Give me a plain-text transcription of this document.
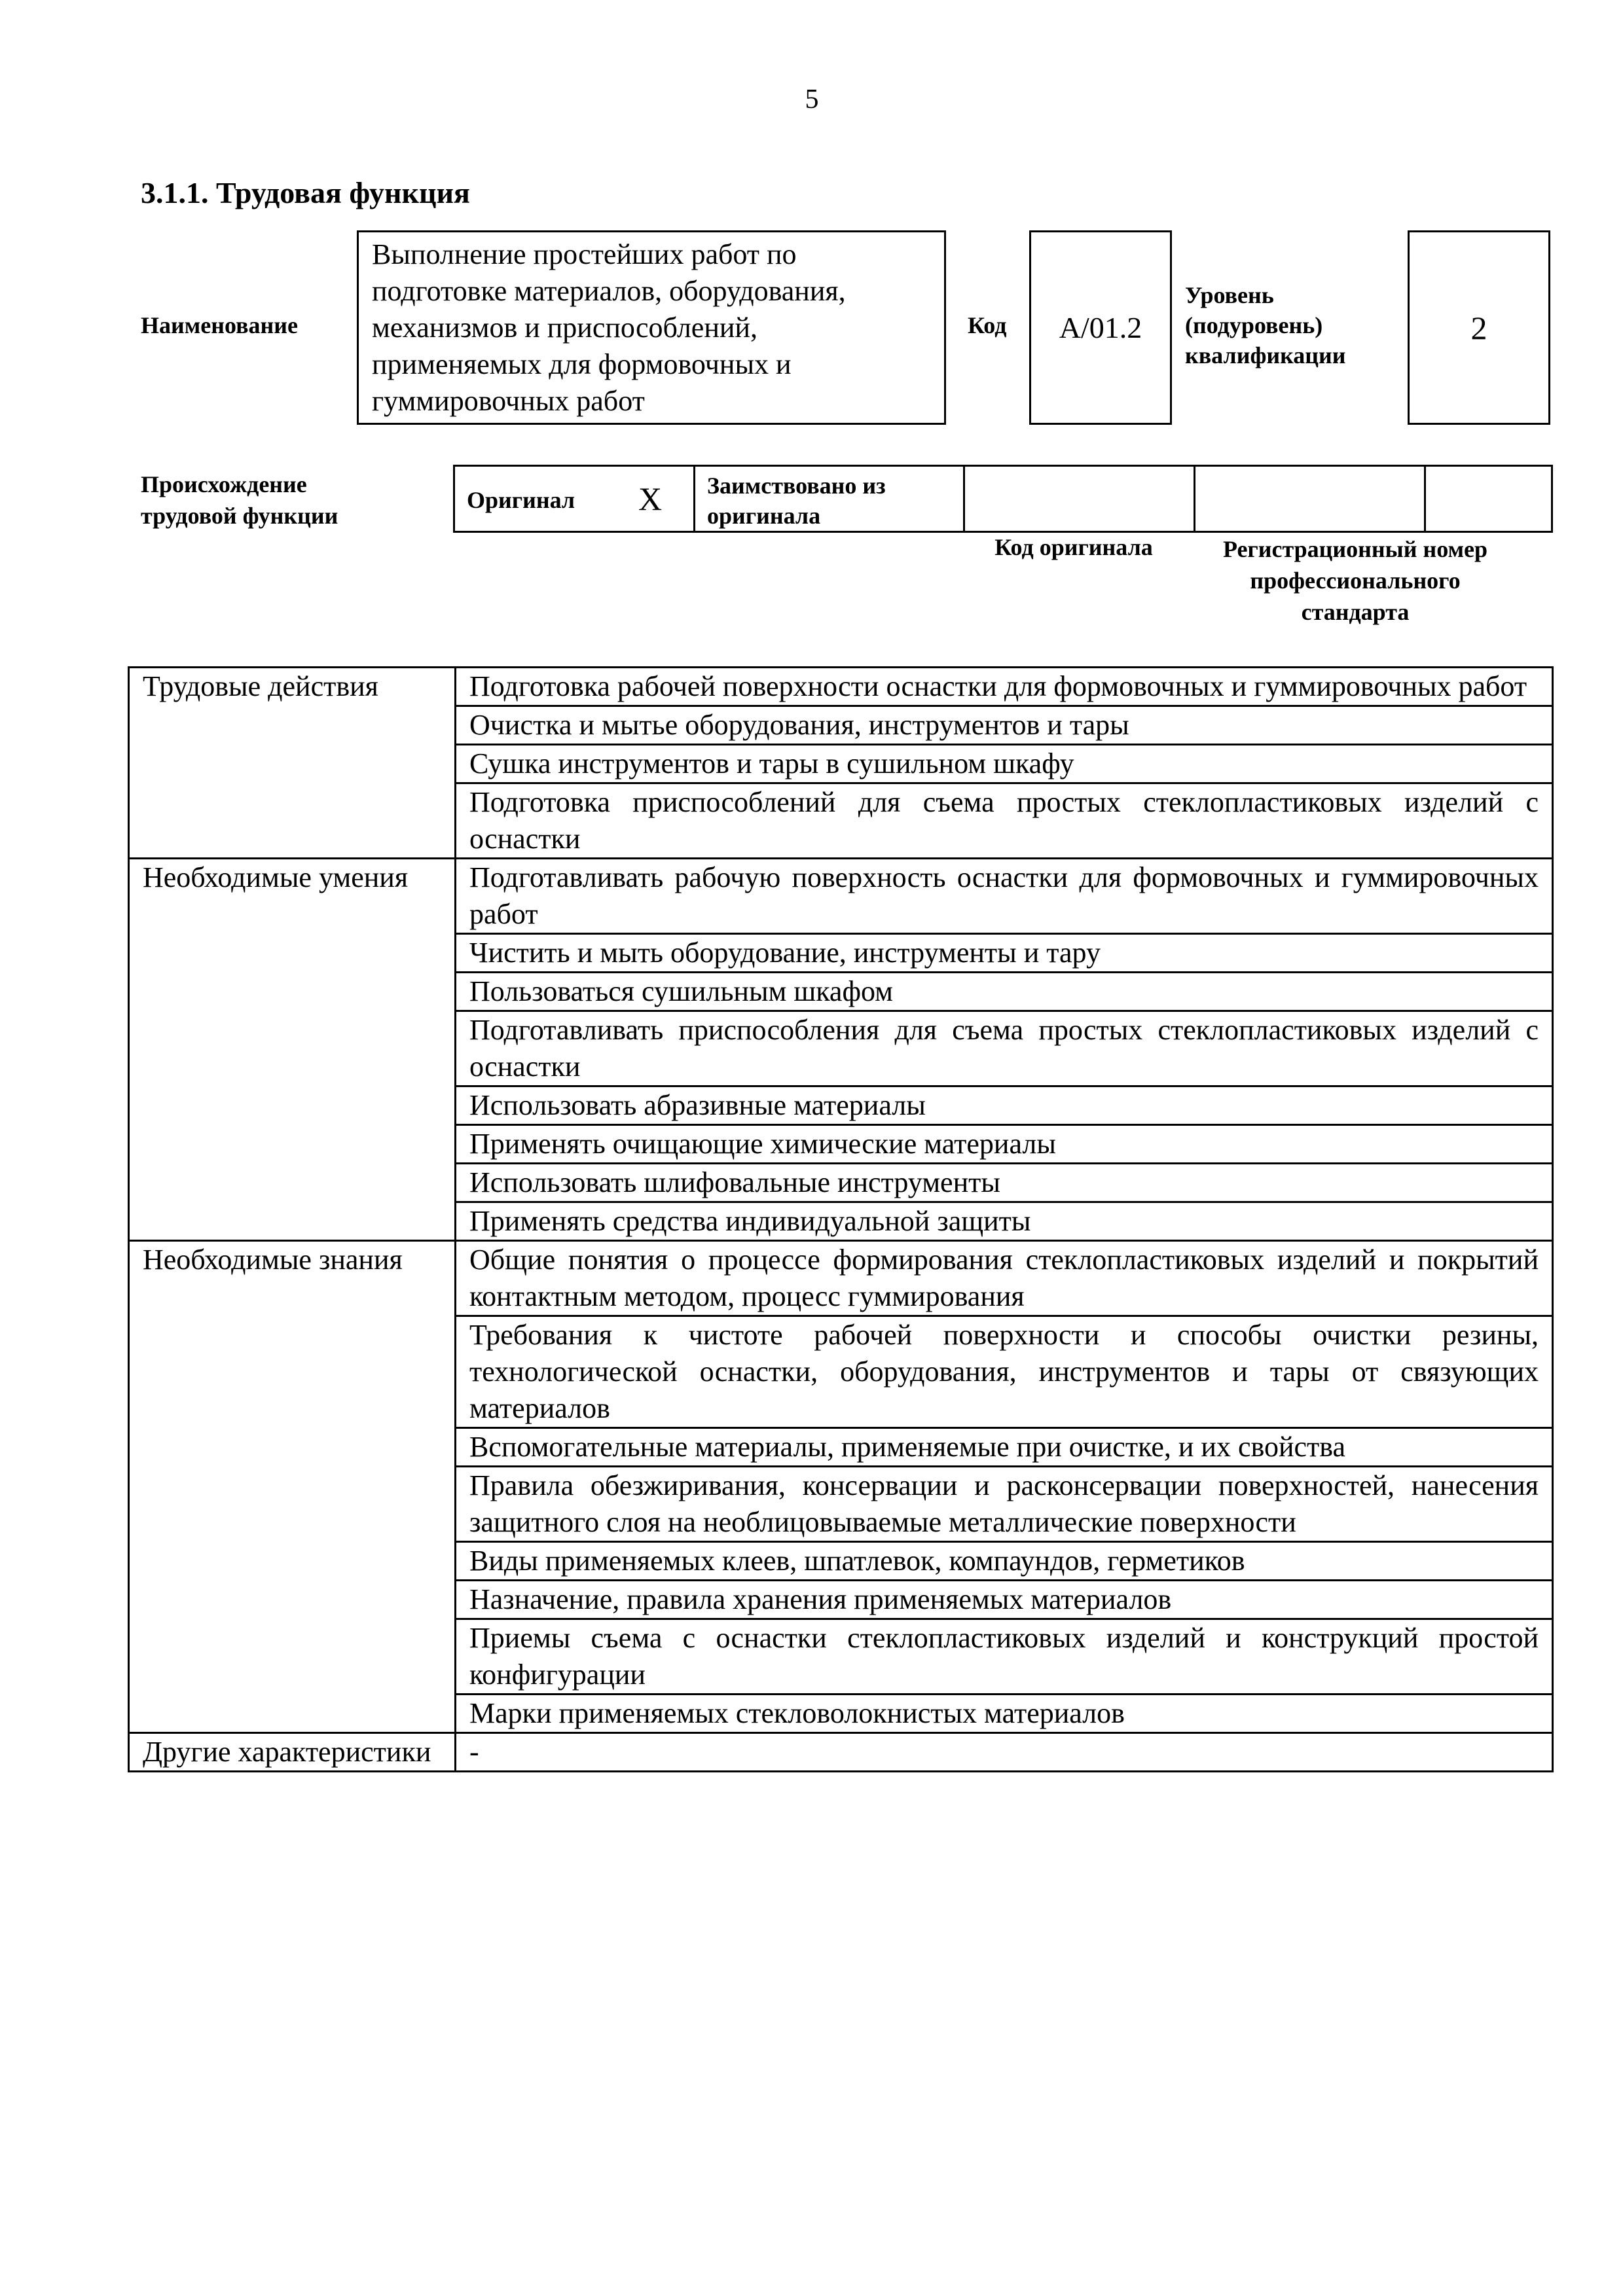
5
3.1.1. Трудовая функция
Наименование
Выполнение простейших работ по подготовке материалов, оборудования, механизмов и приспособлений, применяемых для формовочных и гуммировочных работ
Код А/01.2
Уровень (подуровень) квалификации
2
Происхождение трудовой функции
Оригинал X Заимствовано из оригинала
Код оригинала	Регистрационный номер профессионального стандарта
Трудовые действия	Подготовка рабочей поверхности оснастки для формовочных и гуммировочных работ
	Очистка и мытье оборудования, инструментов и тары
	Сушка инструментов и тары в сушильном шкафу
	Подготовка приспособлений для съема простых стеклопластиковых изделий с оснастки
Необходимые умения	Подготавливать рабочую поверхность оснастки для формовочных и гуммировочных работ
	Чистить и мыть оборудование, инструменты и тару
	Пользоваться сушильным шкафом
	Подготавливать приспособления для съема простых стеклопластиковых изделий с оснастки
	Использовать абразивные материалы
	Применять очищающие химические материалы
	Использовать шлифовальные инструменты
	Применять средства индивидуальной защиты
Необходимые знания	Общие понятия о процессе формирования стеклопластиковых изделий и покрытий контактным методом, процесс гуммирования
	Требования к чистоте рабочей поверхности и способы очистки резины, технологической оснастки, оборудования, инструментов и тары от связующих материалов
	Вспомогательные материалы, применяемые при очистке, и их свойства
	Правила обезжиривания, консервации и расконсервации поверхностей, нанесения защитного слоя на необлицовываемые металлические поверхности
	Виды применяемых клеев, шпатлевок, компаундов, герметиков
	Назначение, правила хранения применяемых материалов
	Приемы съема с оснастки стеклопластиковых изделий и конструкций простой конфигурации
	Марки применяемых стекловолокнистых материалов
Другие характеристики	-
